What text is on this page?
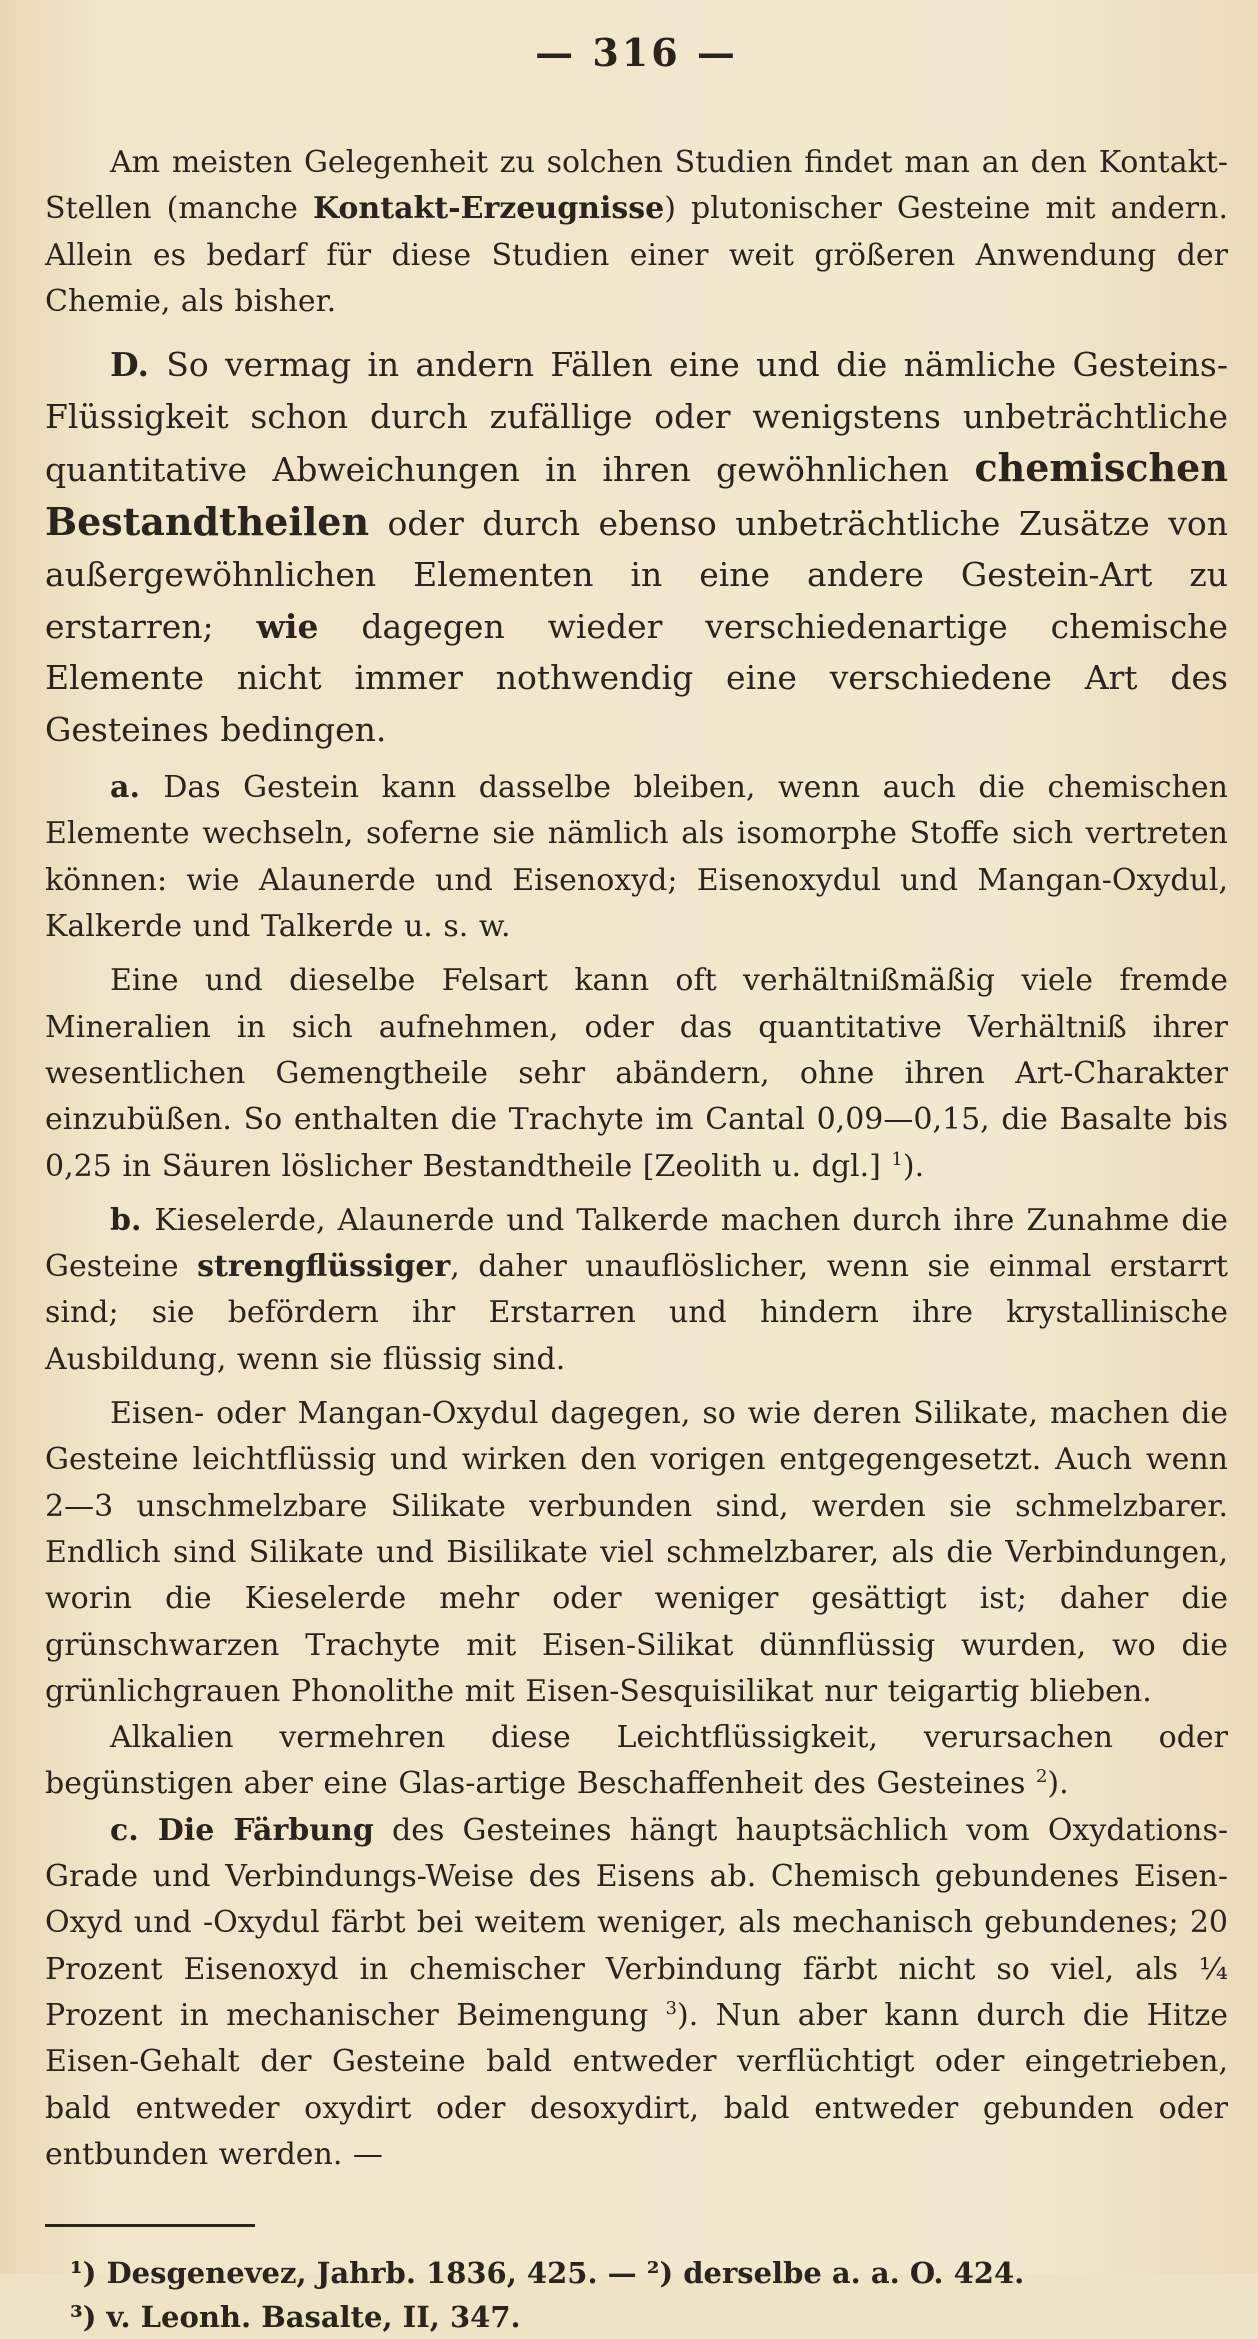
— 316 —

Am meisten Gelegenheit zu solchen Studien findet man an den Kontakt-Stellen (manche Kontakt-Erzeugnisse) plutonischer Gesteine mit andern. Allein es bedarf für diese Studien einer weit größeren Anwendung der Chemie, als bisher.

D. So vermag in andern Fällen eine und die nämliche Gesteins-Flüssigkeit schon durch zufällige oder wenigstens unbeträchtliche quantitative Abweichungen in ihren gewöhnlichen chemischen Bestandtheilen oder durch ebenso unbeträchtliche Zusätze von außergewöhnlichen Elementen in eine andere Gestein-Art zu erstarren; wie dagegen wieder verschiedenartige chemische Elemente nicht immer nothwendig eine verschiedene Art des Gesteines bedingen.

a. Das Gestein kann dasselbe bleiben, wenn auch die chemischen Elemente wechseln, soferne sie nämlich als isomorphe Stoffe sich vertreten können: wie Alaunerde und Eisenoxyd; Eisenoxydul und Mangan-Oxydul, Kalkerde und Talkerde u. s. w.

Eine und dieselbe Felsart kann oft verhältnißmäßig viele fremde Mineralien in sich aufnehmen, oder das quantitative Verhältniß ihrer wesentlichen Gemengtheile sehr abändern, ohne ihren Art-Charakter einzubüßen. So enthalten die Trachyte im Cantal 0,09—0,15, die Basalte bis 0,25 in Säuren löslicher Bestandtheile [Zeolith u. dgl.] $^1$).

b. Kieselerde, Alaunerde und Talkerde machen durch ihre Zunahme die Gesteine strengflüssiger, daher unauflöslicher, wenn sie einmal erstarrt sind; sie befördern ihr Erstarren und hindern ihre krystallinische Ausbildung, wenn sie flüssig sind.

Eisen- oder Mangan-Oxydul dagegen, so wie deren Silikate, machen die Gesteine leichtflüssig und wirken den vorigen entgegengesetzt. Auch wenn 2—3 unschmelzbare Silikate verbunden sind, werden sie schmelzbarer. Endlich sind Silikate und Bisilikate viel schmelzbarer, als die Verbindungen, worin die Kieselerde mehr oder weniger gesättigt ist; daher die grünschwarzen Trachyte mit Eisen-Silikat dünnflüssig wurden, wo die grünlichgrauen Phonolithe mit Eisen-Sesquisilikat nur teigartig blieben.

Alkalien vermehren diese Leichtflüssigkeit, verursachen oder begünstigen aber eine Glas-artige Beschaffenheit des Gesteines $^2$).

c. Die Färbung des Gesteines hängt hauptsächlich vom Oxydations-Grade und Verbindungs-Weise des Eisens ab. Chemisch gebundenes Eisen-Oxyd und -Oxydul färbt bei weitem weniger, als mechanisch gebundenes; 20 Prozent Eisenoxyd in chemischer Verbindung färbt nicht so viel, als ¼ Prozent in mechanischer Beimengung $^3$). Nun aber kann durch die Hitze Eisen-Gehalt der Gesteine bald entweder verflüchtigt oder eingetrieben, bald entweder oxydirt oder desoxydirt, bald entweder gebunden oder entbunden werden. —

¹) Desgenevez, Jahrb. 1836, 425. — ²) derselbe a. a. O. 424.
³) v. Leonh. Basalte, II, 347.
